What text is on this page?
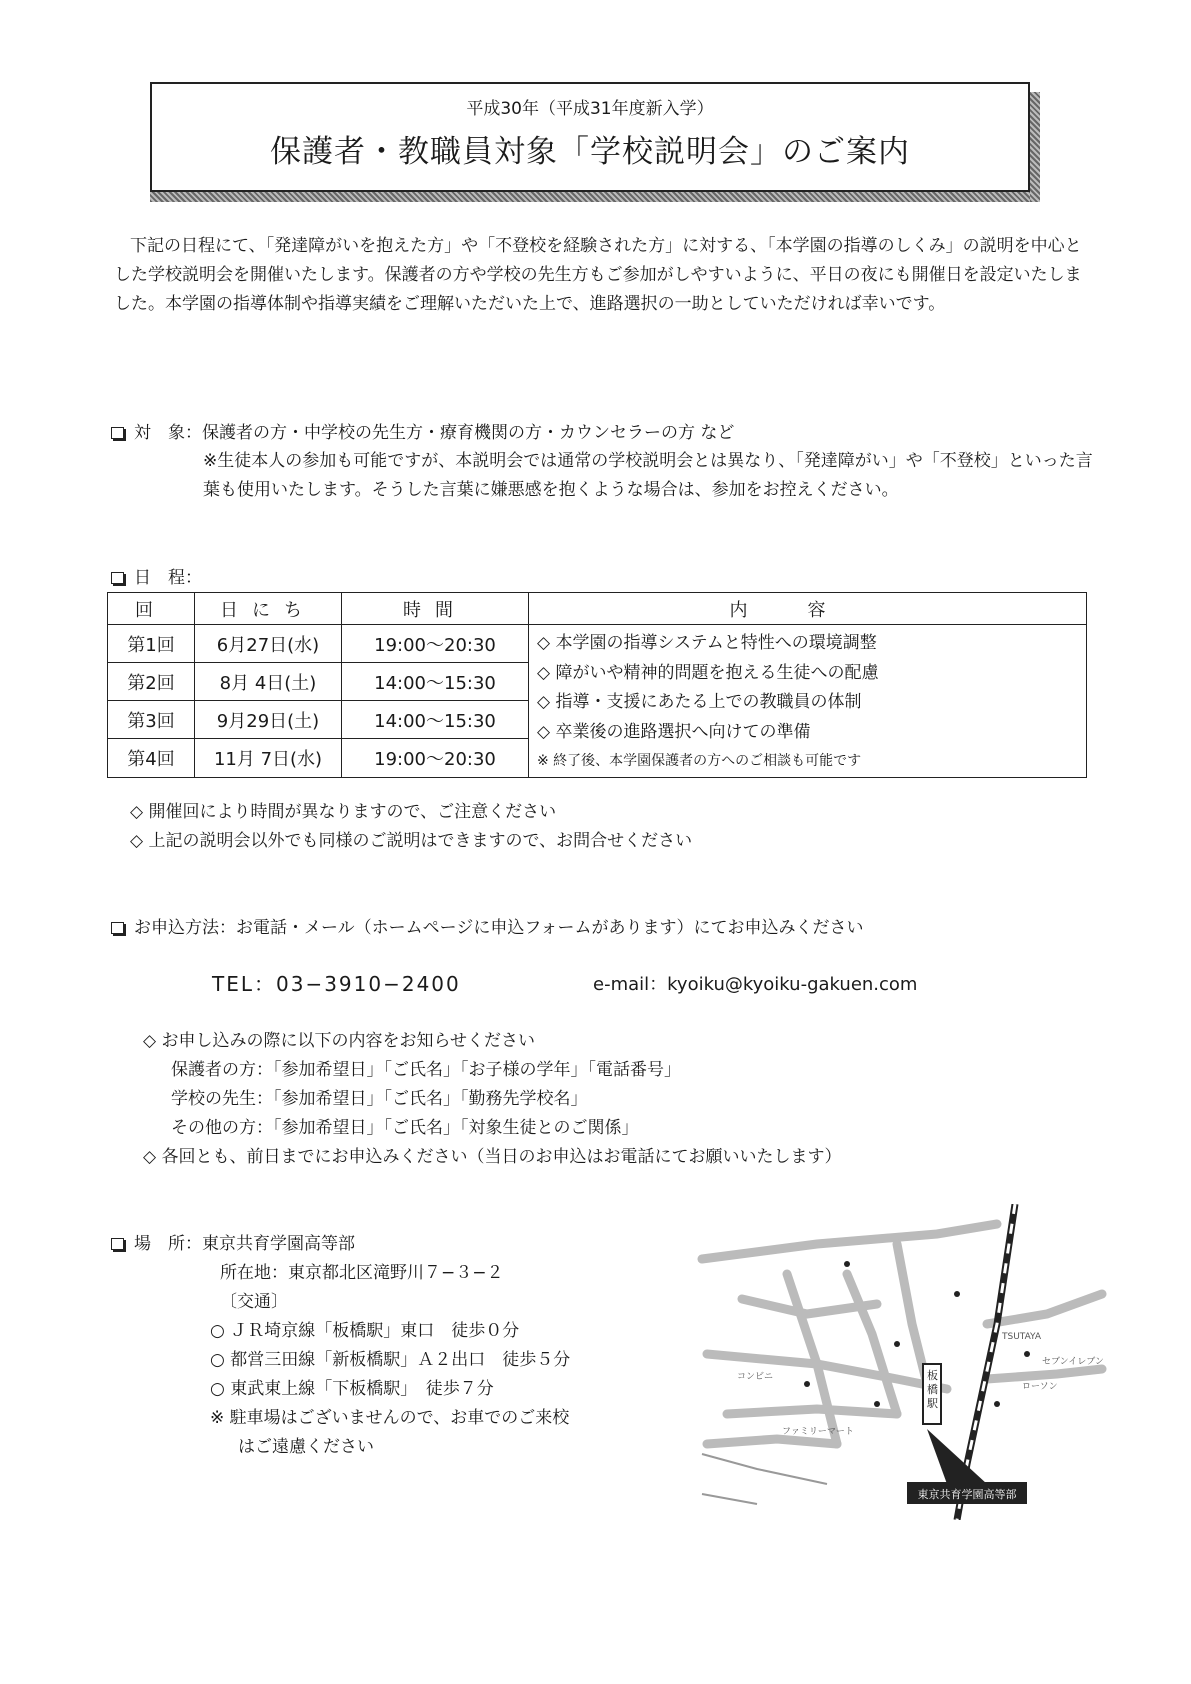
平成30年（平成31年度新入学）
保護者・教職員対象「学校説明会」のご案内
下記の日程にて、「発達障がいを抱えた方」や「不登校を経験された方」に対する、「本学園の指導のしくみ」の説明を中心とした学校説明会を開催いたします。保護者の方や学校の先生方もご参加がしやすいように、平日の夜にも開催日を設定いたしました。本学園の指導体制や指導実績をご理解いただいた上で、進路選択の一助としていただければ幸いです。
対　象：保護者の方・中学校の先生方・療育機関の方・カウンセラーの方 など
※生徒本人の参加も可能ですが、本説明会では通常の学校説明会とは異なり、「発達障がい」や「不登校」といった言葉も使用いたします。そうした言葉に嫌悪感を抱くような場合は、参加をお控えください。
日　程：
回	日にち	時間	内容
第1回	6月27日(水)	19:00〜20:30	◇ 本学園の指導システムと特性への環境調整
◇ 障がいや精神的問題を抱える生徒への配慮
◇ 指導・支援にあたる上での教職員の体制
◇ 卒業後の進路選択へ向けての準備
※ 終了後、本学園保護者の方へのご相談も可能です

第2回	8月 4日(土)	14:00〜15:30	
第3回	9月29日(土)	14:00〜15:30	
第4回	11月 7日(水)	19:00〜20:30	
◇ 開催回により時間が異なりますので、ご注意ください
◇ 上記の説明会以外でも同様のご説明はできますので、お問合せください
お申込方法：お電話・メール（ホームページに申込フォームがあります）にてお申込みください
TEL：03−3910−2400	e-mail：kyoiku@kyoiku-gakuen.com
◇ お申し込みの際に以下の内容をお知らせください
保護者の方：「参加希望日」「ご氏名」「お子様の学年」「電話番号」
学校の先生：「参加希望日」「ご氏名」「勤務先学校名」
その他の方：「参加希望日」「ご氏名」「対象生徒とのご関係」
◇ 各回とも、前日までにお申込みください（当日のお申込はお電話にてお願いいたします）
場　所：東京共育学園高等部
所在地：東京都北区滝野川７−３−２
〔交通〕
○ ＪＲ埼京線「板橋駅」東口　徒歩０分
○ 都営三田線「新板橋駅」Ａ２出口　徒歩５分
○ 東武東上線「下板橋駅」　徒歩７分
※ 駐車場はございませんので、お車でのご来校
はご遠慮ください
板橋駅
TSUTAYA
セブンイレブン
ローソン
ファミリーマート
コンビニ
東京共育学園高等部
